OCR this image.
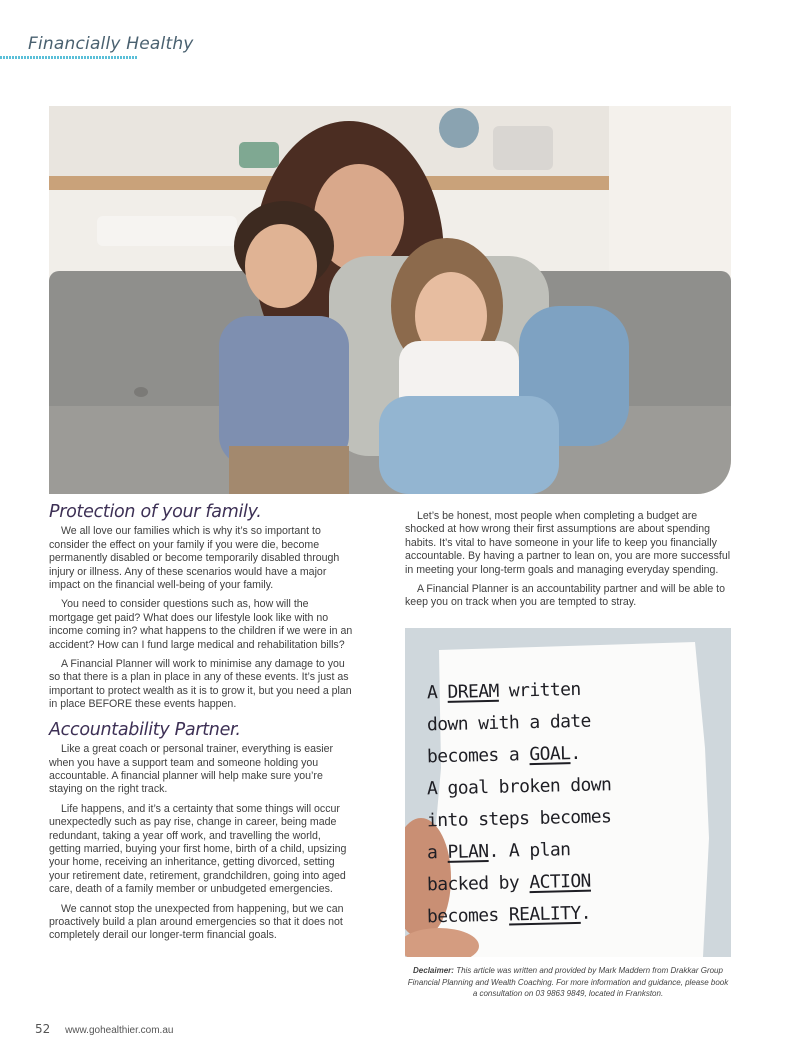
Financially Healthy
Protection of your family.

We all love our families which is why it’s so important to consider the effect on your family if you were die, become permanently disabled or become temporarily disabled through injury or illness. Any of these scenarios would have a major impact on the financial well-being of your family.

You need to consider questions such as, how will the mortgage get paid? What does our lifestyle look like with no income coming in? what happens to the children if we were in an accident? How can I fund large medical and rehabilitation bills?

A Financial Planner will work to minimise any damage to you so that there is a plan in place in any of these events. It’s just as important to protect wealth as it is to grow it, but you need a plan in place BEFORE these events happen.

Accountability Partner.

Like a great coach or personal trainer, everything is easier when you have a support team and someone holding you accountable. A financial planner will help make sure you’re staying on the right track.

Life happens, and it’s a certainty that some things will occur unexpectedly such as pay rise, change in career, being made redundant, taking a year off work, and travelling the world, getting married, buying your first home, birth of a child, upsizing your home, receiving an inheritance, getting divorced, setting your retirement date, retirement, grandchildren, going into aged care, death of a family member or unbudgeted emergencies.

We cannot stop the unexpected from happening, but we can proactively build a plan around emergencies so that it does not completely derail our longer-term financial goals.

Let’s be honest, most people when completing a budget are shocked at how wrong their first assumptions are about spending habits. It’s vital to have someone in your life to keep you financially accountable. By having a partner to lean on, you are more successful in meeting your long-term goals and managing everyday spending.

A Financial Planner is an accountability partner and will be able to keep you on track when you are tempted to stray.

A DREAM written
down with a date
becomes a GOAL.
A goal broken down
into steps becomes
a PLAN. A plan
backed by ACTION
becomes REALITY.
Declaimer: This article was written and provided by Mark Maddern from Drakkar Group Financial Planning and Wealth Coaching. For more information and guidance, please book a consultation on 03 9863 9849, located in Frankston.
52 www.gohealthier.com.au
